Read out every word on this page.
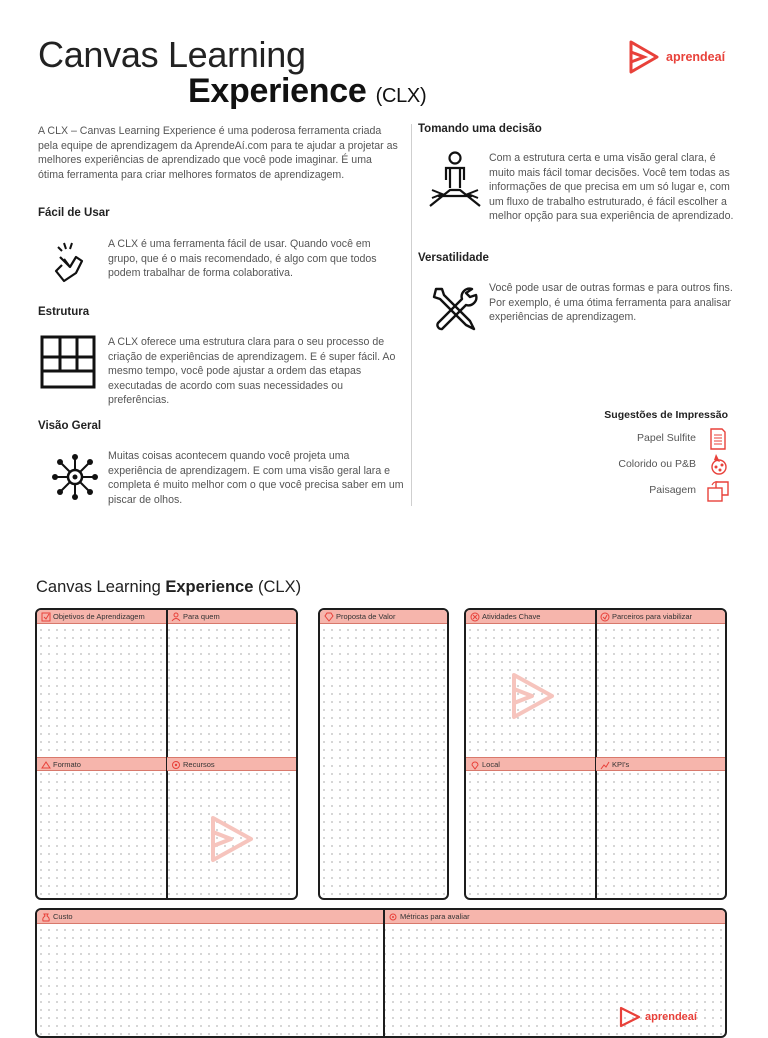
Canvas Learning
Experience (CLX)
aprendeaí
A CLX – Canvas Learning Experience é uma poderosa ferramenta criada pela equipe de aprendizagem da AprendeAí.com para te ajudar a projetar as melhores experiências de aprendizado que você pode imaginar. É uma ótima ferramenta para criar melhores formatos de aprendizagem.
Fácil de Usar
A CLX é uma ferramenta fácil de usar. Quando você em grupo, que é o mais recomendado, é algo com que todos podem trabalhar de forma colaborativa.
Estrutura
A CLX oferece uma estrutura clara para o seu processo de criação de experiências de aprendizagem. E é super fácil. Ao mesmo tempo, você pode ajustar a ordem das etapas executadas de acordo com suas necessidades ou preferências.
Visão Geral
Muitas coisas acontecem quando você projeta uma experiência de aprendizagem. E com uma visão geral lara e completa é muito melhor com o que você precisa saber em um piscar de olhos.
Tomando uma decisão
Com a estrutura certa e uma visão geral clara, é muito mais fácil tomar decisões. Você tem todas as informações de que precisa em um só lugar e, com um fluxo de trabalho estruturado, é fácil escolher a melhor opção para sua experiência de aprendizado.
Versatilidade
Você pode usar de outras formas e para outros fins. Por exemplo, é uma ótima ferramenta para analisar experiências de aprendizagem.
Sugestões de Impressão
Papel Sulfite
Colorido ou P&B
Paisagem
Canvas Learning Experience (CLX)
Objetivos de Aprendizagem	Para quem
Formato	Recursos
Proposta de Valor	Atividades Chave	Parceiros para viabilizar
Local	KPI's
Custo	Métricas para avaliar
aprendeaí
